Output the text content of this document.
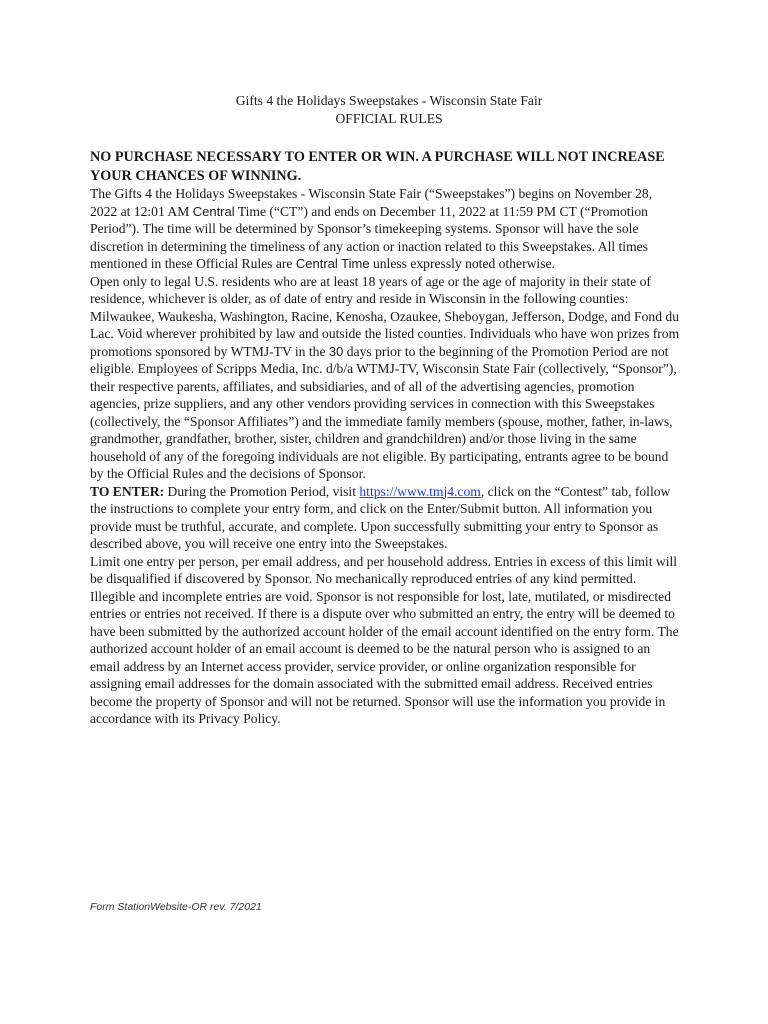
Gifts 4 the Holidays Sweepstakes - Wisconsin State Fair
OFFICIAL RULES
NO PURCHASE NECESSARY TO ENTER OR WIN. A PURCHASE WILL NOT INCREASE YOUR CHANCES OF WINNING.

The Gifts 4 the Holidays Sweepstakes - Wisconsin State Fair (“Sweepstakes”) begins on November 28, 2022 at 12:01 AM Central Time (“CT”) and ends on December 11, 2022 at 11:59 PM CT (“Promotion Period”). The time will be determined by Sponsor’s timekeeping systems. Sponsor will have the sole discretion in determining the timeliness of any action or inaction related to this Sweepstakes. All times mentioned in these Official Rules are Central Time unless expressly noted otherwise.

Open only to legal U.S. residents who are at least 18 years of age or the age of majority in their state of residence, whichever is older, as of date of entry and reside in Wisconsin in the following counties: Milwaukee, Waukesha, Washington, Racine, Kenosha, Ozaukee, Sheboygan, Jefferson, Dodge, and Fond du Lac. Void wherever prohibited by law and outside the listed counties. Individuals who have won prizes from promotions sponsored by WTMJ-TV in the 30 days prior to the beginning of the Promotion Period are not eligible. Employees of Scripps Media, Inc. d/b/a WTMJ-TV, Wisconsin State Fair (collectively, “Sponsor”), their respective parents, affiliates, and subsidiaries, and of all of the advertising agencies, promotion agencies, prize suppliers, and any other vendors providing services in connection with this Sweepstakes (collectively, the “Sponsor Affiliates”) and the immediate family members (spouse, mother, father, in-laws, grandmother, grandfather, brother, sister, children and grandchildren) and/or those living in the same household of any of the foregoing individuals are not eligible. By participating, entrants agree to be bound by the Official Rules and the decisions of Sponsor.

TO ENTER: During the Promotion Period, visit https://www.tmj4.com, click on the “Contest” tab, follow the instructions to complete your entry form, and click on the Enter/Submit button. All information you provide must be truthful, accurate, and complete. Upon successfully submitting your entry to Sponsor as described above, you will receive one entry into the Sweepstakes.

Limit one entry per person, per email address, and per household address. Entries in excess of this limit will be disqualified if discovered by Sponsor. No mechanically reproduced entries of any kind permitted. Illegible and incomplete entries are void. Sponsor is not responsible for lost, late, mutilated, or misdirected entries or entries not received. If there is a dispute over who submitted an entry, the entry will be deemed to have been submitted by the authorized account holder of the email account identified on the entry form. The authorized account holder of an email account is deemed to be the natural person who is assigned to an email address by an Internet access provider, service provider, or online organization responsible for assigning email addresses for the domain associated with the submitted email address. Received entries become the property of Sponsor and will not be returned. Sponsor will use the information you provide in accordance with its Privacy Policy.

Form StationWebsite-OR rev. 7/2021
